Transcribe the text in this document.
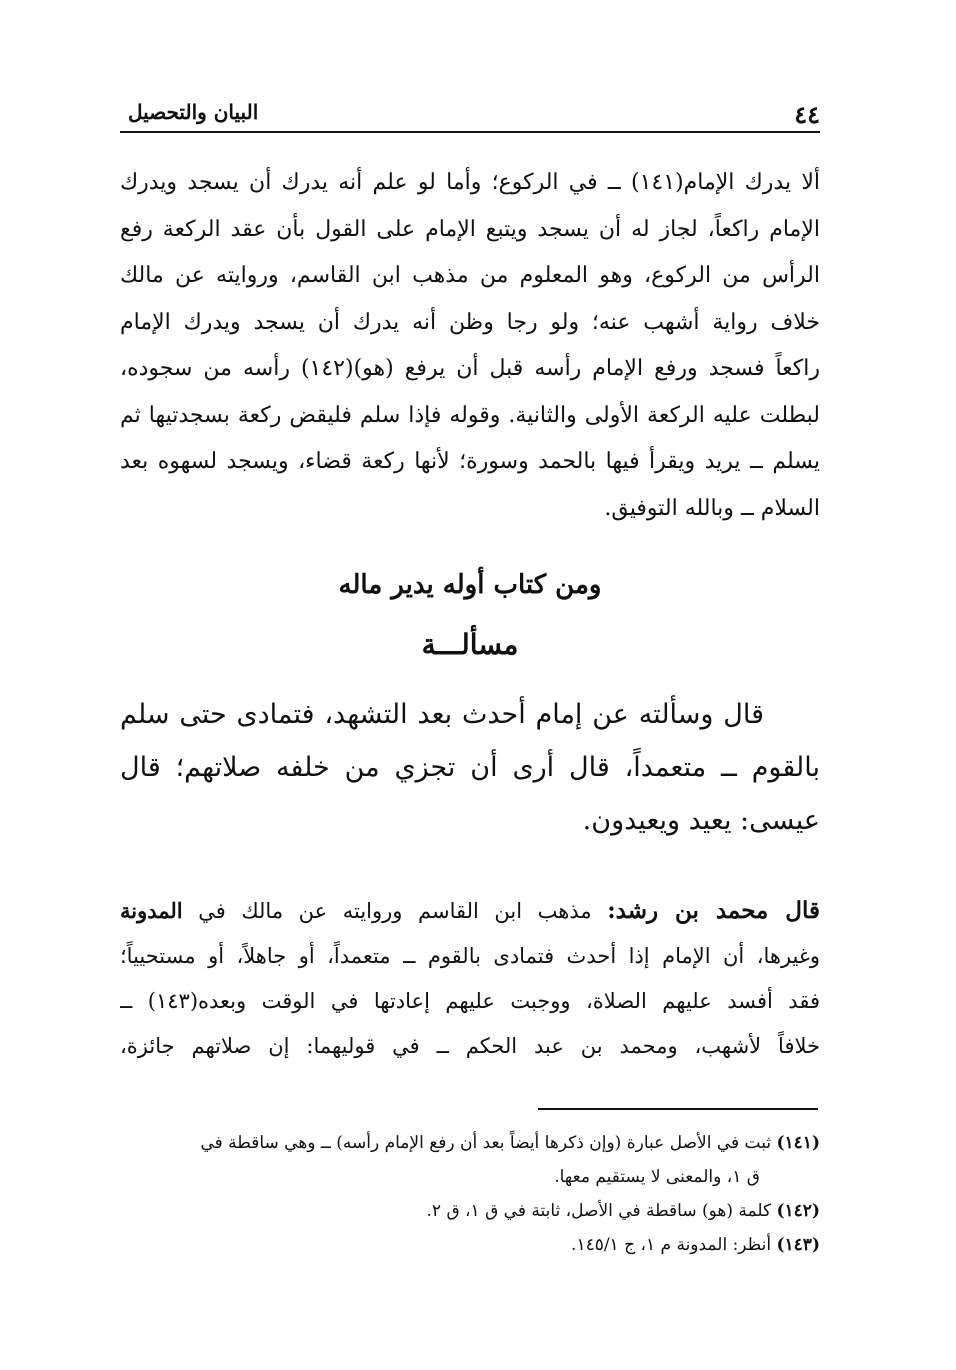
٤٤
البيان والتحصيل
ألا يدرك الإمام(١٤١) ــ في الركوع؛ وأما لو علم أنه يدرك أن يسجد ويدرك
الإمام راكعاً، لجاز له أن يسجد ويتبع الإمام على القول بأن عقد الركعة رفع
الرأس من الركوع، وهو المعلوم من مذهب ابن القاسم، وروايته عن مالك
خلاف رواية أشهب عنه؛ ولو رجا وظن أنه يدرك أن يسجد ويدرك الإمام
راكعاً فسجد ورفع الإمام رأسه قبل أن يرفع (هو)(١٤٢) رأسه من سجوده،
لبطلت عليه الركعة الأولى والثانية. وقوله فإذا سلم فليقض ركعة بسجدتيها ثم
يسلم ــ يريد ويقرأ فيها بالحمد وسورة؛ لأنها ركعة قضاء، ويسجد لسهوه بعد
السلام ــ وبالله التوفيق.
ومن كتاب أوله يدير ماله
مسألـــة
قال وسألته عن إمام أحدث بعد التشهد، فتمادى حتى سلم
بالقوم ــ متعمداً، قال أرى أن تجزي من خلفه صلاتهم؛ قال
عيسى: يعيد ويعيدون.
قال محمد بن رشد: مذهب ابن القاسم وروايته عن مالك في المدونة
وغيرها، أن الإمام إذا أحدث فتمادى بالقوم ــ متعمداً، أو جاهلاً، أو مستحيياً؛
فقد أفسد عليهم الصلاة، ووجبت عليهم إعادتها في الوقت وبعده(١٤٣) ــ
خلافاً لأشهب، ومحمد بن عبد الحكم ــ في قوليهما: إن صلاتهم جائزة،
(١٤١) ثبت في الأصل عبارة (وإن ذكرها أيضاً بعد أن رفع الإمام رأسه) ــ وهي ساقطة في
ق ١، والمعنى لا يستقيم معها.
(١٤٢) كلمة (هو) ساقطة في الأصل، ثابتة في ق ١، ق ٢.
(١٤٣) أنظر: المدونة م ١، ج ١٤٥/١.
